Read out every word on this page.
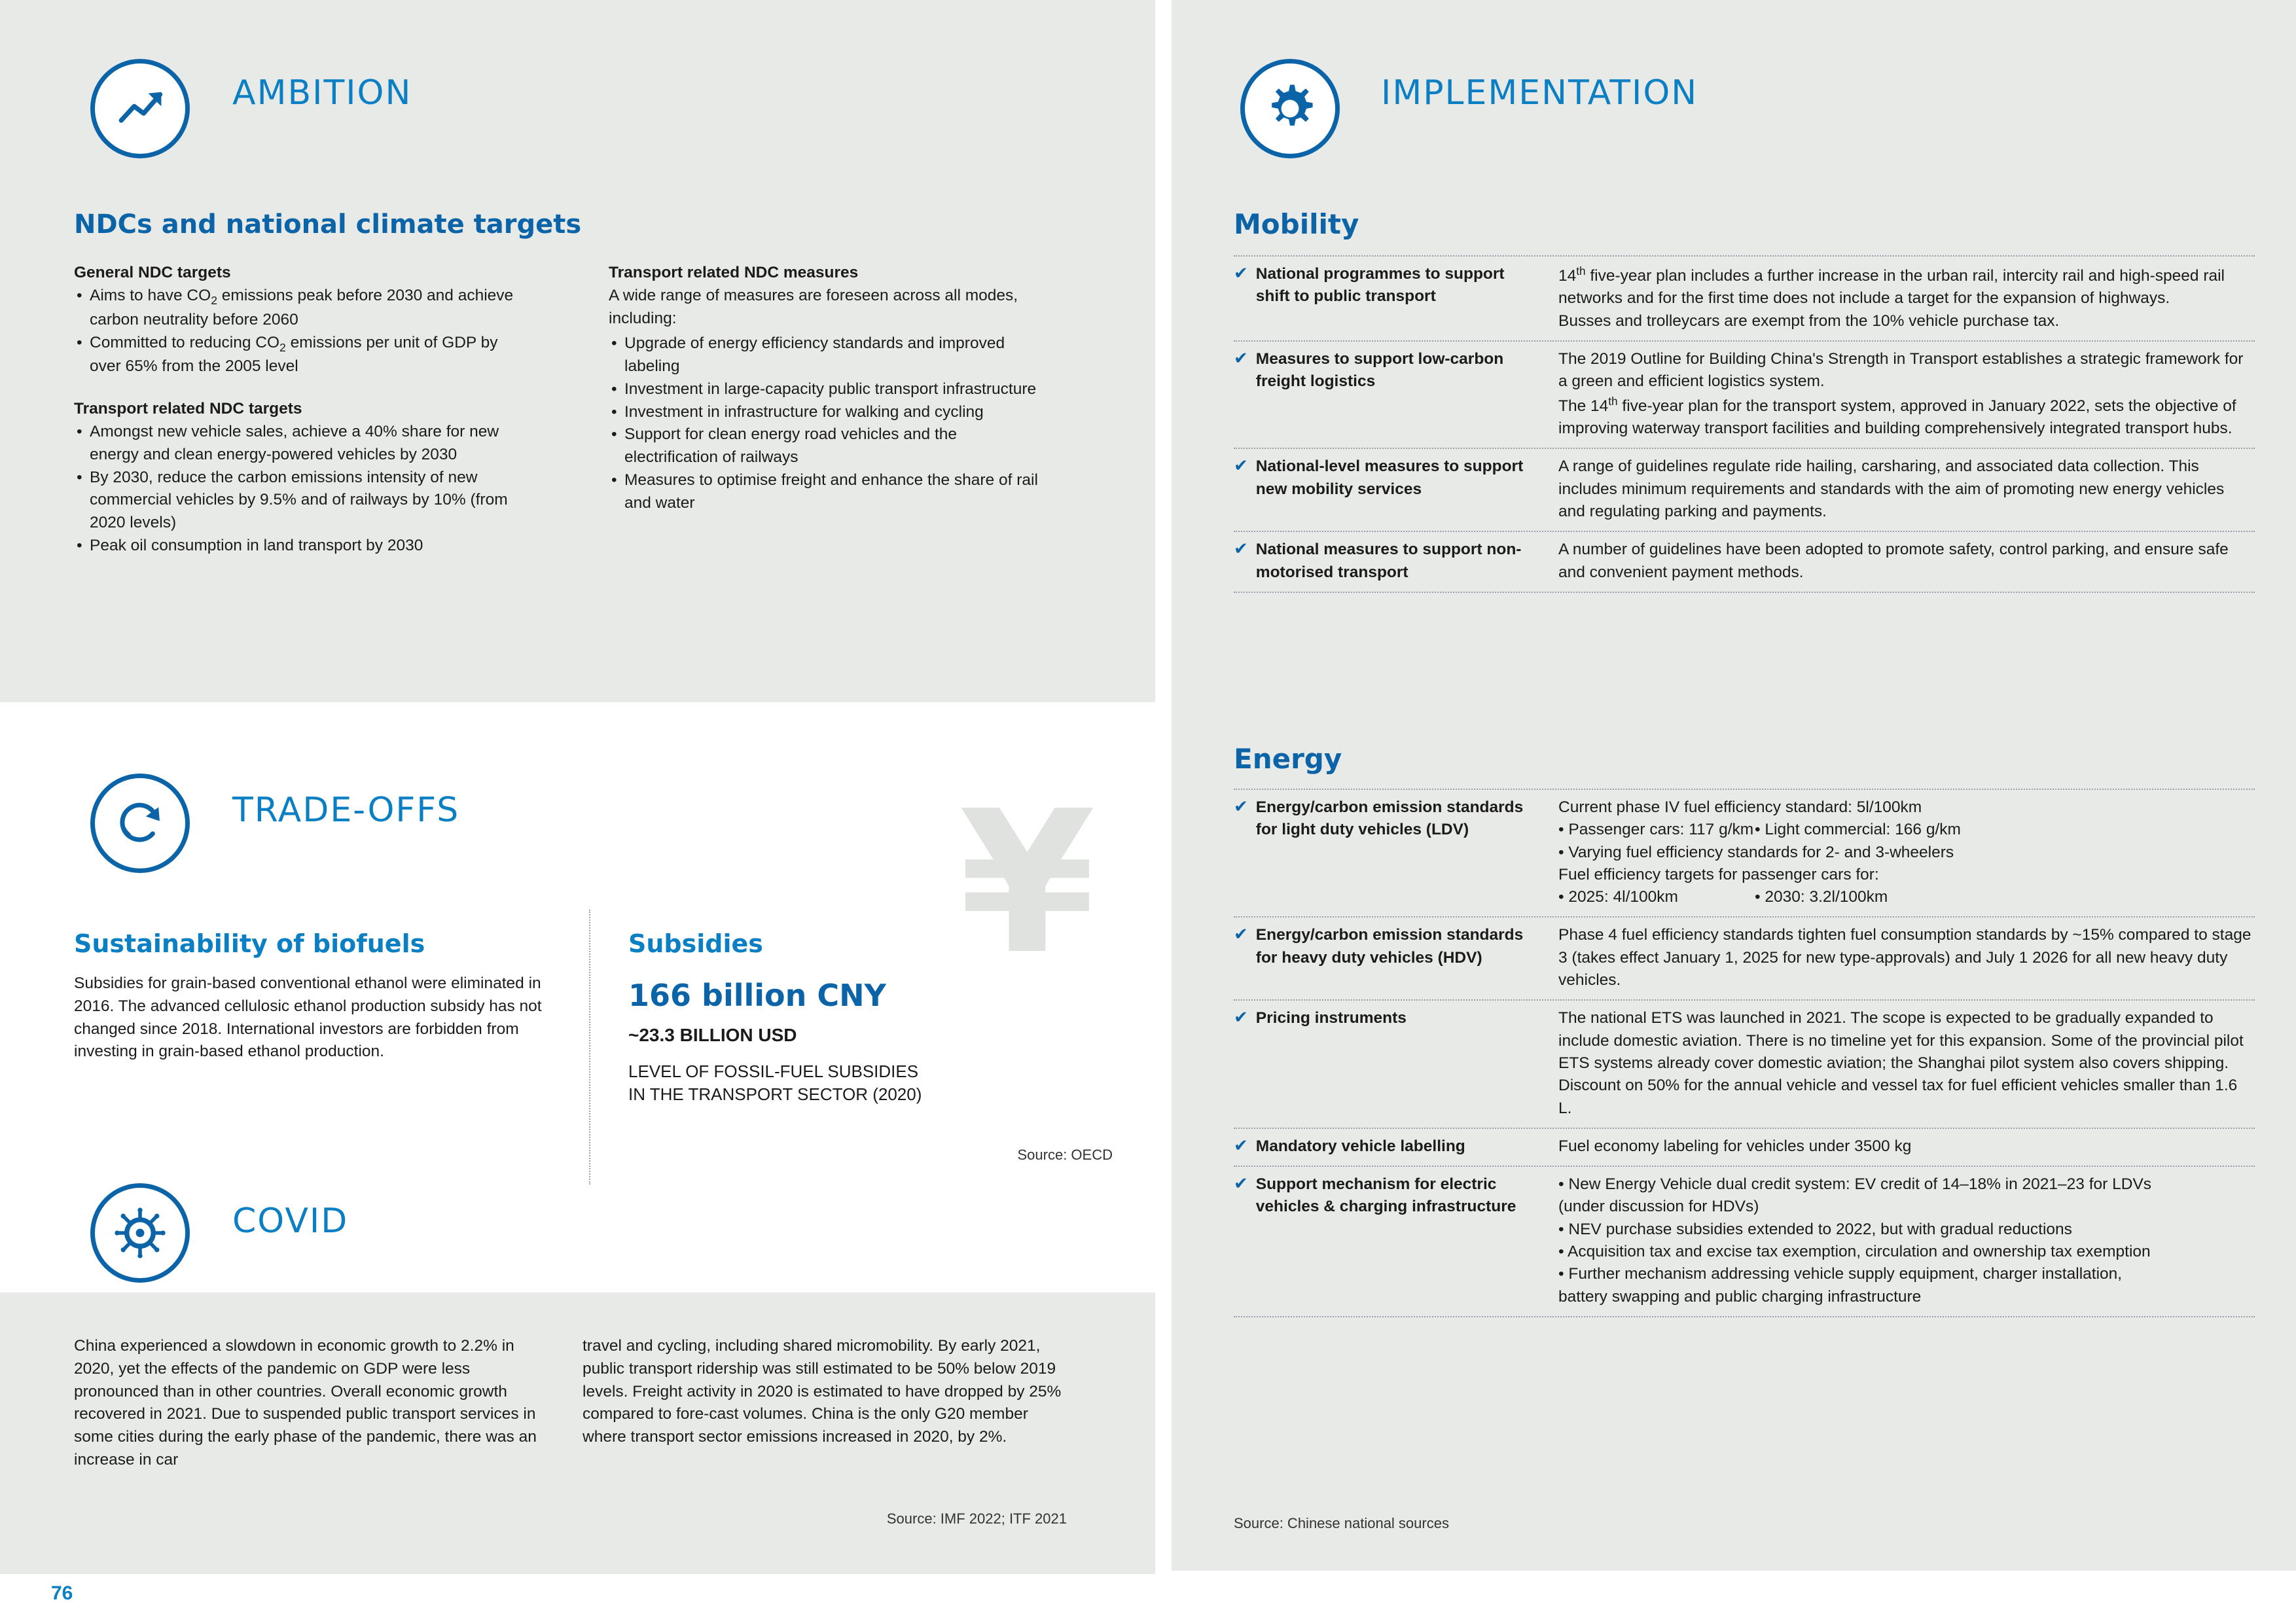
AMBITION
NDCs and national climate targets
General NDC targets
• Aims to have $CO_2$ emissions peak before 2030 and achieve carbon neutrality before 2060
• Committed to reducing $CO_2$ emissions per unit of GDP by over 65% from the 2005 level
Transport related NDC targets
• Amongst new vehicle sales, achieve a 40% share for new energy and clean energy-powered vehicles by 2030
• By 2030, reduce the carbon emissions intensity of new commercial vehicles by 9.5% and of railways by 10% (from 2020 levels)
• Peak oil consumption in land transport by 2030
Transport related NDC measures
A wide range of measures are foreseen across all modes, including:
• Upgrade of energy efficiency standards and improved labeling
• Investment in large-capacity public transport infrastructure
• Investment in infrastructure for walking and cycling
• Support for clean energy road vehicles and the electrification of railways
• Measures to optimise freight and enhance the share of rail and water
TRADE-OFFS	¥
Sustainability of biofuels
Subsidies for grain-based conventional ethanol were eliminated in 2016. The advanced cellulosic ethanol production subsidy has not changed since 2018. International investors are forbidden from investing in grain-based ethanol production.
Subsidies
166 billion CNY
~23.3 BILLION USD
LEVEL OF FOSSIL-FUEL SUBSIDIES
IN THE TRANSPORT SECTOR (2020)
Source: OECD
COVID
China experienced a slowdown in economic growth to 2.2% in 2020, yet the effects of the pandemic on GDP were less pronounced than in other countries. Overall economic growth recovered in 2021. Due to suspended public transport services in some cities during the early phase of the pandemic, there was an increase in car
travel and cycling, including shared micromobility. By early 2021, public transport ridership was still estimated to be 50% below 2019 levels. Freight activity in 2020 is estimated to have dropped by 25% compared to fore-cast volumes. China is the only G20 member where transport sector emissions increased in 2020, by 2%.
Source: IMF 2022; ITF 2021
76
IMPLEMENTATION
Mobility
✔ National programmes to support shift to public transport
14th five-year plan includes a further increase in the urban rail, intercity rail and high-speed rail networks and for the first time does not include a target for the expansion of highways.
Busses and trolleycars are exempt from the 10% vehicle purchase tax.
✔ Measures to support low-carbon freight logistics
The 2019 Outline for Building China's Strength in Transport establishes a strategic framework for a green and efficient logistics system.
The 14th five-year plan for the transport system, approved in January 2022, sets the objective of improving waterway transport facilities and building comprehensively integrated transport hubs.
✔ National-level measures to support new mobility services
A range of guidelines regulate ride hailing, carsharing, and associated data collection. This includes minimum requirements and standards with the aim of promoting new energy vehicles and regulating parking and payments.
✔ National measures to support non-motorised transport
A number of guidelines have been adopted to promote safety, control parking, and ensure safe and convenient payment methods.
Energy
✔ Energy/carbon emission standards for light duty vehicles (LDV)
Current phase IV fuel efficiency standard: 5l/100km
• Passenger cars: 117 g/km • Light commercial: 166 g/km
• Varying fuel efficiency standards for 2- and 3-wheelers
Fuel efficiency targets for passenger cars for:
• 2025: 4l/100km	• 2030: 3.2l/100km
✔ Energy/carbon emission standards for heavy duty vehicles (HDV)
Phase 4 fuel efficiency standards tighten fuel consumption standards by ~15% compared to stage 3 (takes effect January 1, 2025 for new type-approvals) and July 1 2026 for all new heavy duty vehicles.
✔ Pricing instruments	The national ETS was launched in 2021. The scope is expected to be gradually expanded to include domestic aviation. There is no timeline yet for this expansion. Some of the provincial pilot ETS systems already cover domestic aviation; the Shanghai pilot system also covers shipping.
Discount on 50% for the annual vehicle and vessel tax for fuel efficient vehicles smaller than 1.6 L.
✔ Mandatory vehicle labelling	Fuel economy labeling for vehicles under 3500 kg
✔ Support mechanism for electric vehicles & charging infrastructure
• New Energy Vehicle dual credit system: EV credit of 14–18% in 2021–23 for LDVs
(under discussion for HDVs)
• NEV purchase subsidies extended to 2022, but with gradual reductions
• Acquisition tax and excise tax exemption, circulation and ownership tax exemption
• Further mechanism addressing vehicle supply equipment, charger installation,
battery swapping and public charging infrastructure
Source: Chinese national sources
